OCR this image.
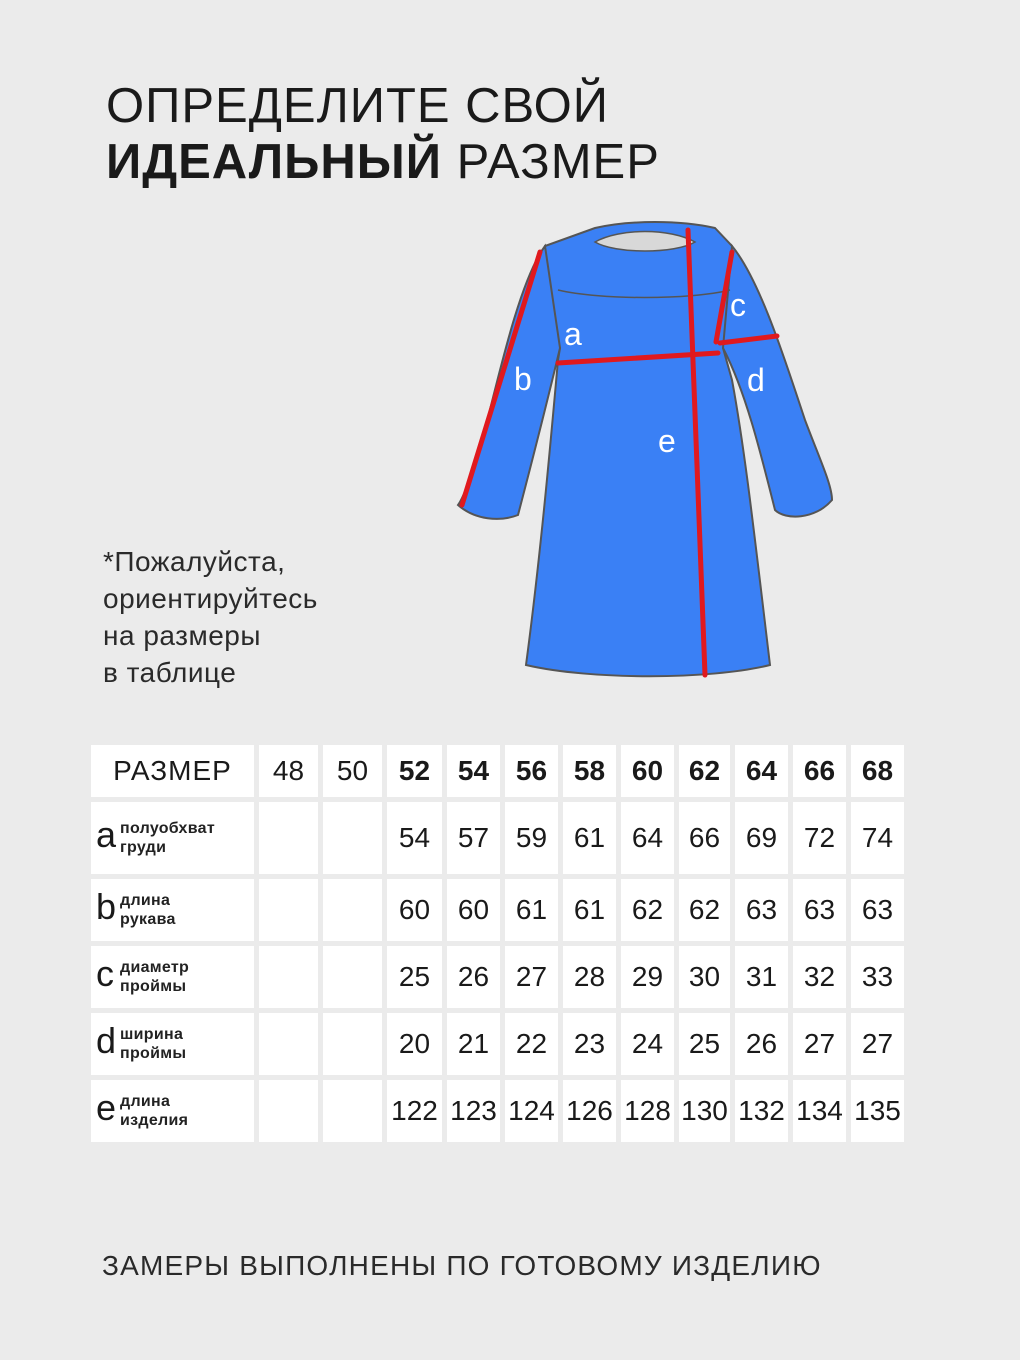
ОПРЕДЕЛИТЕ СВОЙ
ИДЕАЛЬНЫЙ РАЗМЕР
a
b
c
d
e
*Пожалуйста,
ориентируйтесь
на размеры
в таблице
РАЗМЕР	48	50	52	54	56	58	60	62	64	66	68

a полуобхват
груди			54	57	59	61	64	66	69	72	74

b длина
рукава			60	60	61	61	62	62	63	63	63

c диаметр
проймы			25	26	27	28	29	30	31	32	33

d ширина
проймы			20	21	22	23	24	25	26	27	27

e длина
изделия			122	123	124	126	128	130	132	134	135
ЗАМЕРЫ ВЫПОЛНЕНЫ ПО ГОТОВОМУ ИЗДЕЛИЮ
